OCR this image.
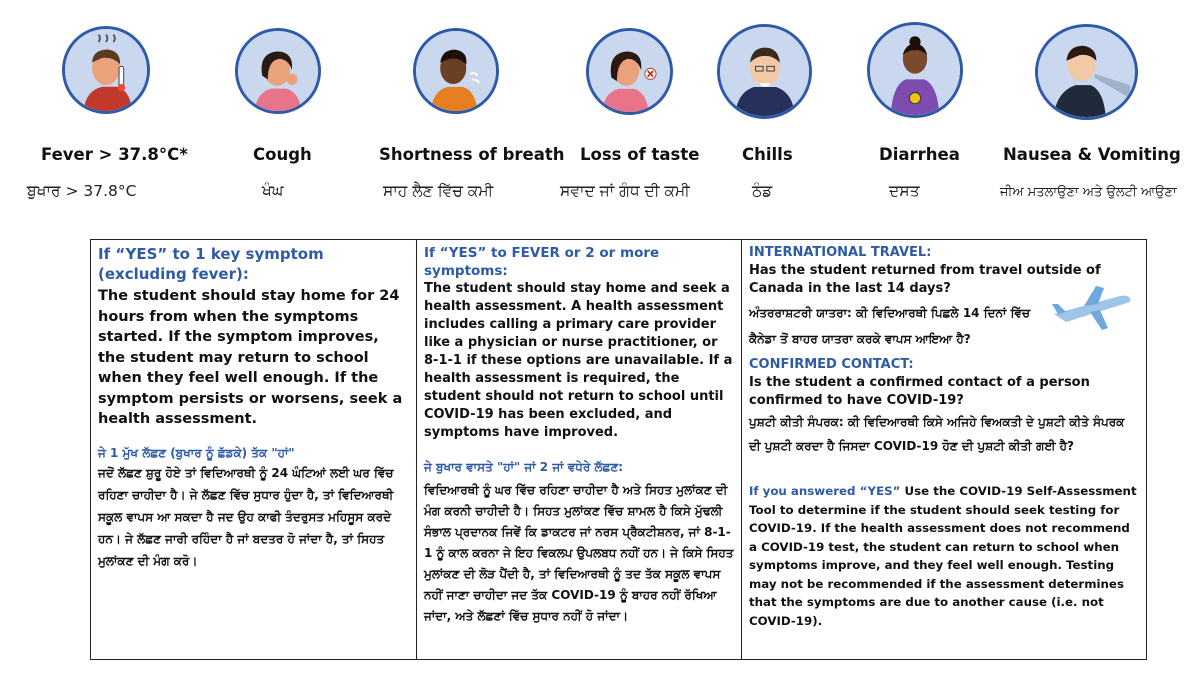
Fever > 37.8°C*	Cough	Shortness of breath Loss of taste	Chills	Diarrhea	Nausea & Vomiting
ਬੁਖਾਰ > 37.8°C	ਖੰਘ	ਸਾਹ ਲੈਣ ਵਿੱਚ ਕਮੀ	ਸਵਾਦ ਜਾਂ ਗੰਧ ਦੀ ਕਮੀ	ਠੰਡ	ਦਸਤ	ਜੀਅ ਮਤਲਾਉਣਾ ਅਤੇ ਉਲਟੀ ਆਉਣਾ

If “YES” to 1 key symptom (excluding fever):

The student should stay home for 24 hours from when the symptoms started. If the symptom improves, the student may return to school when they feel well enough. If the symptom persists or worsens, seek a health assessment.

ਜੇ 1 ਮੁੱਖ ਲੱਛਣ (ਬੁਖਾਰ ਨੂੰ ਛੱਡਕੇ) ਤੱਕ "ਹਾਂ"

ਜਦੋਂ ਲੱਛਣ ਸ਼ੁਰੂ ਹੋਏ ਤਾਂ ਵਿਦਿਆਰਥੀ ਨੂੰ 24 ਘੰਟਿਆਂ ਲਈ ਘਰ ਵਿੱਚ ਰਹਿਣਾ ਚਾਹੀਦਾ ਹੈ। ਜੇ ਲੱਛਣ ਵਿੱਚ ਸੁਧਾਰ ਹੁੰਦਾ ਹੈ, ਤਾਂ ਵਿਦਿਆਰਥੀ ਸਕੂਲ ਵਾਪਸ ਆ ਸਕਦਾ ਹੈ ਜਦ ਉਹ ਕਾਫੀ ਤੰਦਰੁਸਤ ਮਹਿਸੂਸ ਕਰਦੇ ਹਨ। ਜੇ ਲੱਛਣ ਜਾਰੀ ਰਹਿੰਦਾ ਹੈ ਜਾਂ ਬਦਤਰ ਹੋ ਜਾਂਦਾ ਹੈ, ਤਾਂ ਸਿਹਤ ਮੁਲਾਂਕਣ ਦੀ ਮੰਗ ਕਰੋ।

If “YES” to FEVER or 2 or more symptoms:

The student should stay home and seek a health assessment. A health assessment includes calling a primary care provider like a physician or nurse practitioner, or 8-1-1 if these options are unavailable. If a health assessment is required, the student should not return to school until COVID-19 has been excluded, and symptoms have improved.

ਜੇ ਬੁਖਾਰ ਵਾਸਤੇ "ਹਾਂ" ਜਾਂ 2 ਜਾਂ ਵਧੇਰੇ ਲੱਛਣ:

ਵਿਦਿਆਰਥੀ ਨੂੰ ਘਰ ਵਿੱਚ ਰਹਿਣਾ ਚਾਹੀਦਾ ਹੈ ਅਤੇ ਸਿਹਤ ਮੁਲਾਂਕਣ ਦੀ ਮੰਗ ਕਰਨੀ ਚਾਹੀਦੀ ਹੈ। ਸਿਹਤ ਮੁਲਾਂਕਣ ਵਿੱਚ ਸ਼ਾਮਲ ਹੈ ਕਿਸੇ ਮੁੱਢਲੀ ਸੰਭਾਲ ਪ੍ਰਦਾਨਕ ਜਿਵੇਂ ਕਿ ਡਾਕਟਰ ਜਾਂ ਨਰਸ ਪ੍ਰੈਕਟੀਸ਼ਨਰ, ਜਾਂ 8-1-1 ਨੂੰ ਕਾਲ ਕਰਨਾ ਜੇ ਇਹ ਵਿਕਲਪ ਉਪਲਬਧ ਨਹੀਂ ਹਨ। ਜੇ ਕਿਸੇ ਸਿਹਤ ਮੁਲਾਂਕਣ ਦੀ ਲੋੜ ਪੈਂਦੀ ਹੈ, ਤਾਂ ਵਿਦਿਆਰਥੀ ਨੂੰ ਤਦ ਤੱਕ ਸਕੂਲ ਵਾਪਸ ਨਹੀਂ ਜਾਣਾ ਚਾਹੀਦਾ ਜਦ ਤੱਕ COVID-19 ਨੂੰ ਬਾਹਰ ਨਹੀਂ ਰੱਖਿਆ ਜਾਂਦਾ, ਅਤੇ ਲੱਛਣਾਂ ਵਿੱਚ ਸੁਧਾਰ ਨਹੀਂ ਹੋ ਜਾਂਦਾ।

INTERNATIONAL TRAVEL:

Has the student returned from travel outside of Canada in the last 14 days?

ਅੰਤਰਰਾਸ਼ਟਰੀ ਯਾਤਰਾ: ਕੀ ਵਿਦਿਆਰਥੀ ਪਿਛਲੇ 14 ਦਿਨਾਂ ਵਿੱਚ ਕੈਨੇਡਾ ਤੋਂ ਬਾਹਰ ਯਾਤਰਾ ਕਰਕੇ ਵਾਪਸ ਆਇਆ ਹੈ?

CONFIRMED CONTACT:

Is the student a confirmed contact of a person confirmed to have COVID-19?

ਪੁਸ਼ਟੀ ਕੀਤੀ ਸੰਪਰਕ: ਕੀ ਵਿਦਿਆਰਥੀ ਕਿਸੇ ਅਜਿਹੇ ਵਿਅਕਤੀ ਦੇ ਪੁਸ਼ਟੀ ਕੀਤੇ ਸੰਪਰਕ ਦੀ ਪੁਸ਼ਟੀ ਕਰਦਾ ਹੈ ਜਿਸਦਾ COVID-19 ਹੋਣ ਦੀ ਪੁਸ਼ਟੀ ਕੀਤੀ ਗਈ ਹੈ?

If you answered “YES” Use the COVID-19 Self-Assessment Tool to determine if the student should seek testing for COVID-19. If the health assessment does not recommend a COVID-19 test, the student can return to school when symptoms improve, and they feel well enough. Testing may not be recommended if the assessment determines that the symptoms are due to another cause (i.e. not COVID-19).
